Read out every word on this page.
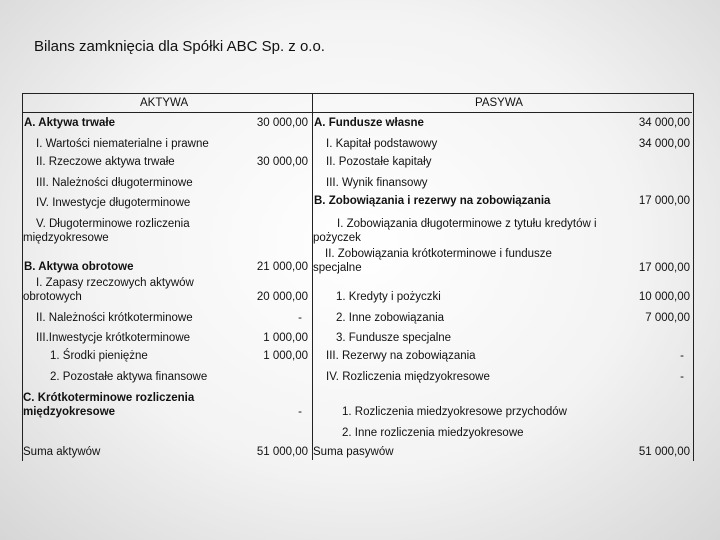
Bilans zamknięcia dla Spółki ABC Sp. z o.o.
AKTYWA	PASYWA
A. Aktywa trwałe
I. Wartości niematerialne i prawne
II. Rzeczowe aktywa trwałe
III. Należności długoterminowe
IV. Inwestycje długoterminowe
V. Długoterminowe rozliczenia międzyokresowe
B. Aktywa obrotowe
I. Zapasy rzeczowych aktywów obrotowych
II. Należności krótkoterminowe
III.Inwestycje krótkoterminowe
1. Środki pieniężne
2. Pozostałe aktywa finansowe
C. Krótkoterminowe rozliczenia międzyokresowe
Suma aktywów
30 000,00
30 000,00
21 000,00
20 000,00
-
1 000,00
1 000,00
-
51 000,00
A. Fundusze własne
I. Kapitał podstawowy
II. Pozostałe kapitały
III. Wynik finansowy
B. Zobowiązania i rezerwy na zobowiązania
I. Zobowiązania długoterminowe z tytułu kredytów i pożyczek
II. Zobowiązania krótkoterminowe i fundusze specjalne
1. Kredyty i pożyczki
2. Inne zobowiązania
3. Fundusze specjalne
III. Rezerwy na zobowiązania
IV. Rozliczenia międzyokresowe
1. Rozliczenia miedzyokresowe przychodów
2. Inne rozliczenia miedzyokresowe
Suma pasywów
34 000,00
34 000,00
17 000,00
17 000,00
10 000,00
7 000,00
-
-
51 000,00
